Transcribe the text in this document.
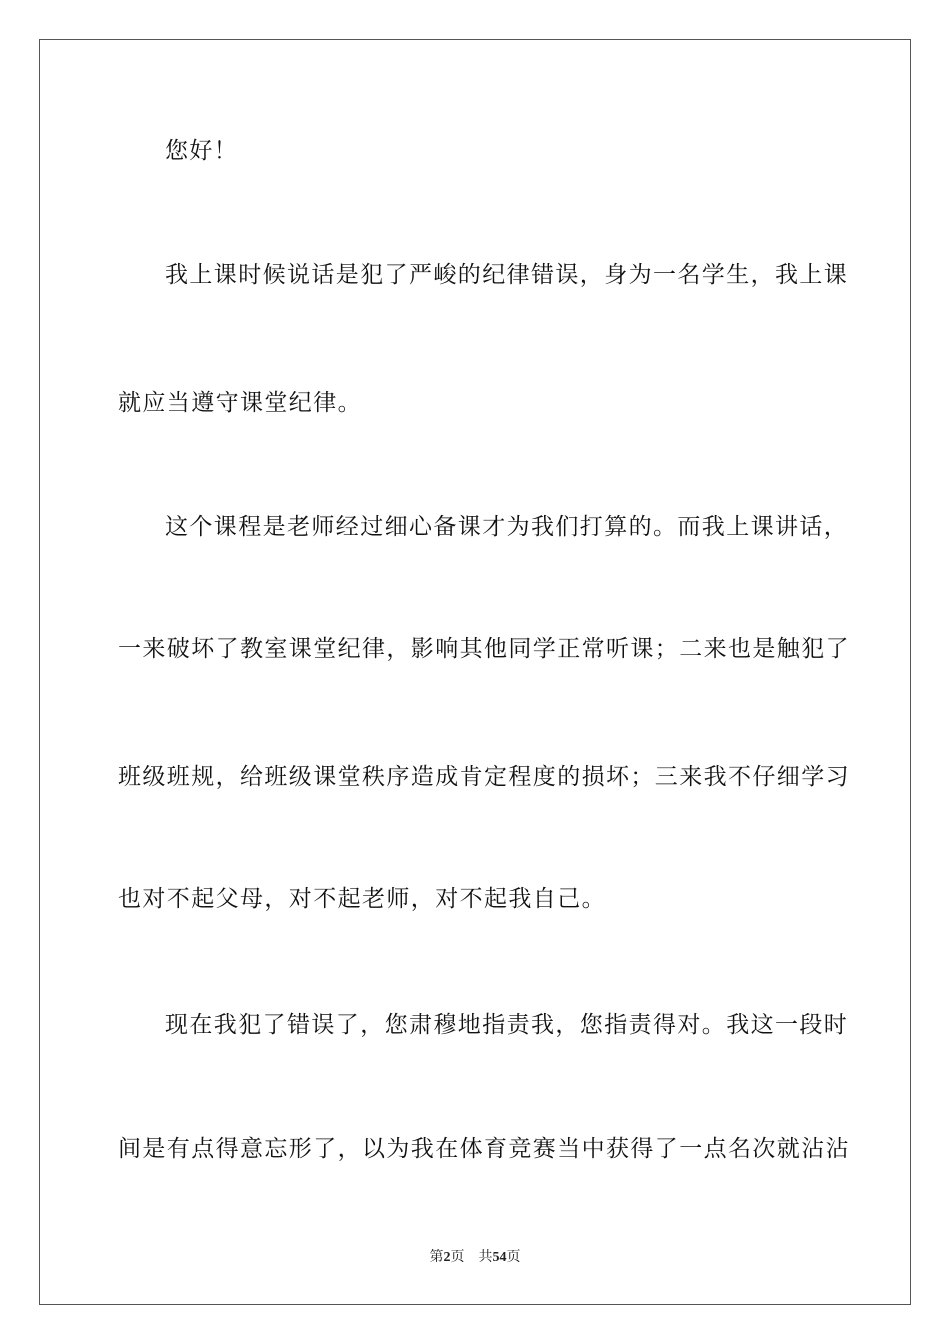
您好！
我上课时候说话是犯了严峻的纪律错误，身为一名学生，我上课
就应当遵守课堂纪律。
这个课程是老师经过细心备课才为我们打算的。而我上课讲话，
一来破坏了教室课堂纪律，影响其他同学正常听课；二来也是触犯了
班级班规，给班级课堂秩序造成肯定程度的损坏；三来我不仔细学习
也对不起父母，对不起老师，对不起我自己。
现在我犯了错误了，您肃穆地指责我，您指责得对。我这一段时
间是有点得意忘形了，以为我在体育竞赛当中获得了一点名次就沾沾
第2页 共54页
